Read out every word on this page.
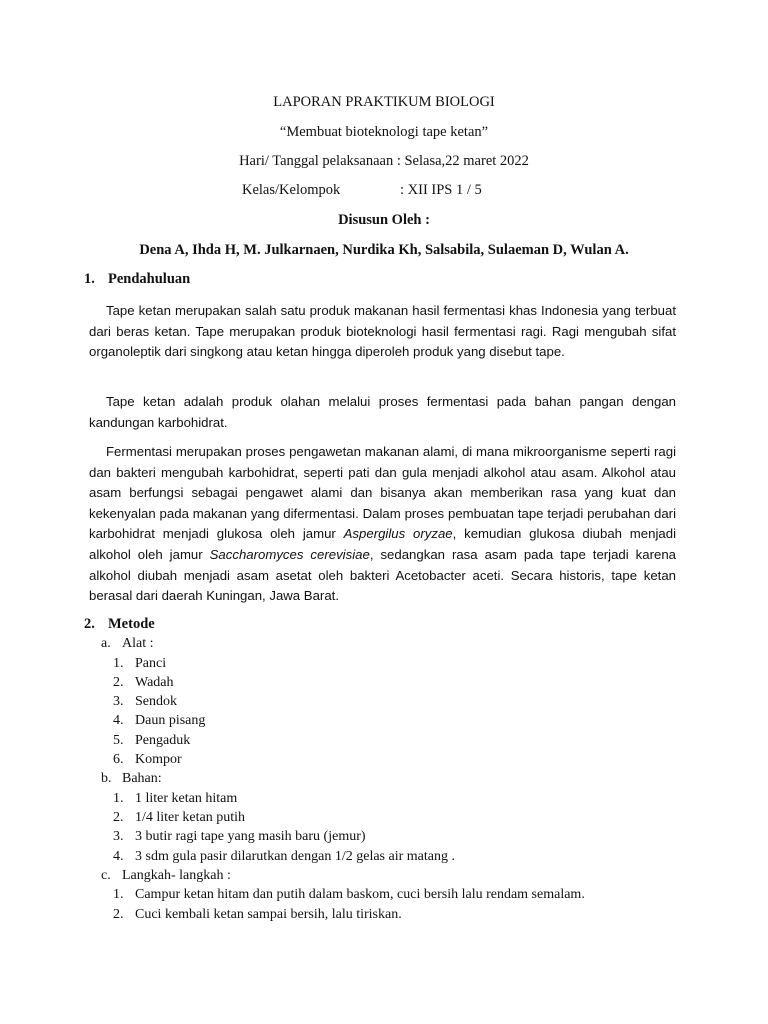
LAPORAN PRAKTIKUM BIOLOGI
“Membuat bioteknologi tape ketan”
Hari/ Tanggal pelaksanaan : Selasa,22 maret 2022
Kelas/Kelompok	: XII IPS 1 / 5
Disusun Oleh :
Dena A, Ihda H, M. Julkarnaen, Nurdika Kh, Salsabila, Sulaeman D, Wulan A.
1. Pendahuluan

Tape ketan merupakan salah satu produk makanan hasil fermentasi khas Indonesia yang terbuat dari beras ketan. Tape merupakan produk bioteknologi hasil fermentasi ragi. Ragi mengubah sifat organoleptik dari singkong atau ketan hingga diperoleh produk yang disebut tape.

Tape ketan adalah produk olahan melalui proses fermentasi pada bahan pangan dengan kandungan karbohidrat.

Fermentasi merupakan proses pengawetan makanan alami, di mana mikroorganisme seperti ragi dan bakteri mengubah karbohidrat, seperti pati dan gula menjadi alkohol atau asam. Alkohol atau asam berfungsi sebagai pengawet alami dan bisanya akan memberikan rasa yang kuat dan kekenyalan pada makanan yang difermentasi. Dalam proses pembuatan tape terjadi perubahan dari karbohidrat menjadi glukosa oleh jamur Aspergilus oryzae, kemudian glukosa diubah menjadi alkohol oleh jamur Saccharomyces cerevisiae, sedangkan rasa asam pada tape terjadi karena alkohol diubah menjadi asam asetat oleh bakteri Acetobacter aceti. Secara historis, tape ketan berasal dari daerah Kuningan, Jawa Barat.

2. Metode
a. Alat :
1. Panci
2. Wadah
3. Sendok
4. Daun pisang
5. Pengaduk
6. Kompor
b. Bahan:
1. 1 liter ketan hitam
2. 1/4 liter ketan putih
3. 3 butir ragi tape yang masih baru (jemur)
4. 3 sdm gula pasir dilarutkan dengan 1/2 gelas air matang .
c. Langkah- langkah :
1. Campur ketan hitam dan putih dalam baskom, cuci bersih lalu rendam semalam.
2. Cuci kembali ketan sampai bersih, lalu tiriskan.
